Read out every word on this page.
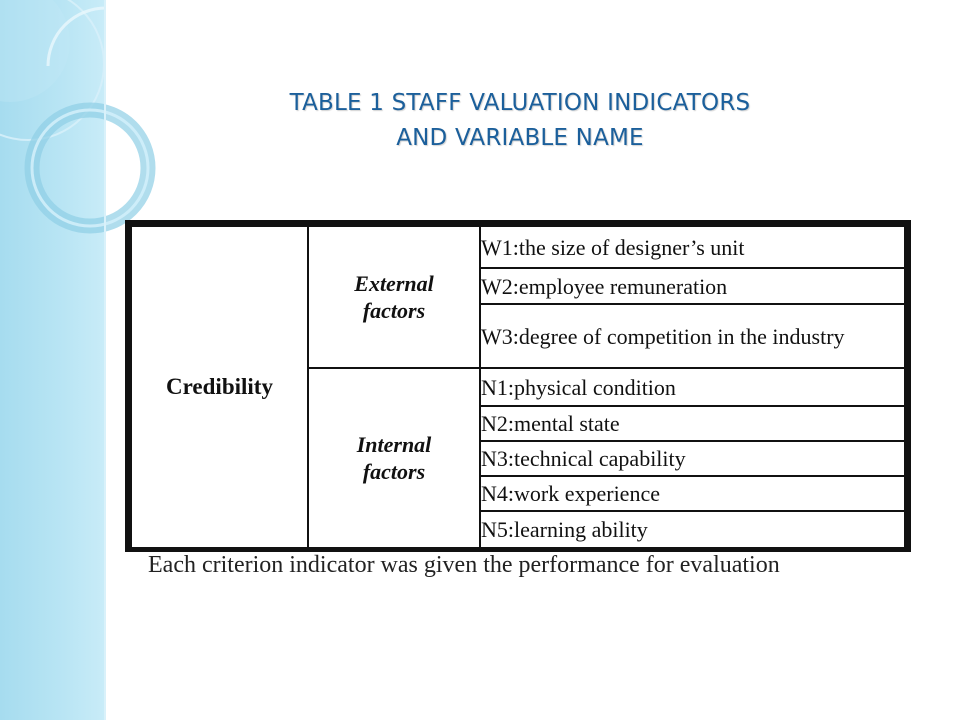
TABLE 1 STAFF VALUATION INDICATORS
AND VARIABLE NAME
Credibility	External factors	W1:the size of designer’s unit
		W2:employee remuneration
		W3:degree of competition in the industry
	Internal factors	N1:physical condition
		N2:mental state
		N3:technical capability
		N4:work experience
		N5:learning ability
Each criterion indicator was given the performance for evaluation
